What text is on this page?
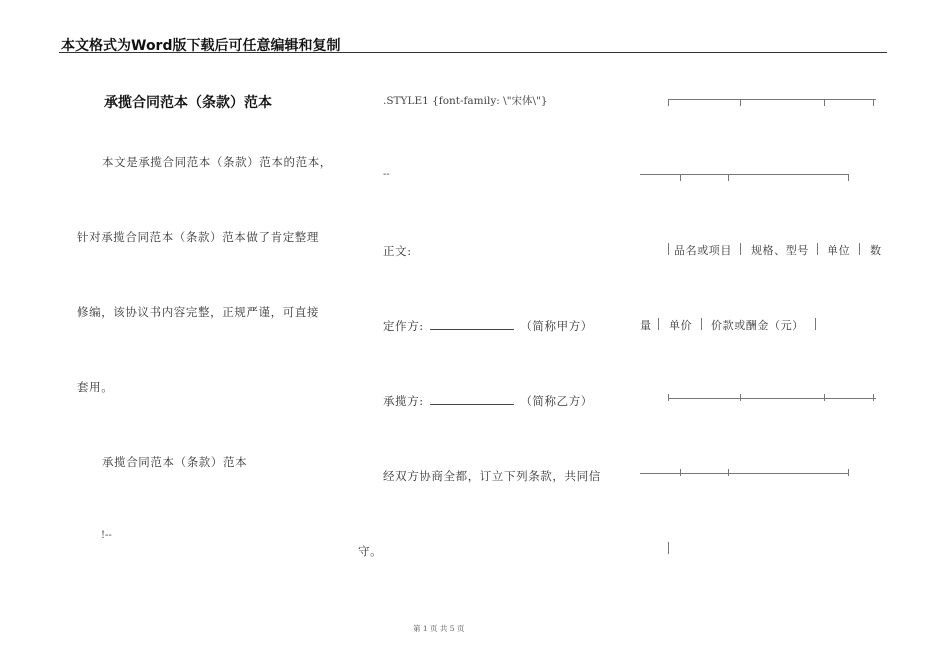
本文格式为Word版下载后可任意编辑和复制
承揽合同范本（条款）范本
本文是承揽合同范本（条款）范本的范本，
针对承揽合同范本（条款）范本做了肯定整理
修编，该协议书内容完整，正规严谨，可直接
套用。
承揽合同范本（条款）范本
!--
.STYLE1 {font-family: \"宋体\"}
--
正文:
定作方:	（简称甲方）
承揽方:	（简称乙方）
经双方协商全都，订立下列条款，共同信
守。
品名或项目 规格、型号 单位 数
量 单价 价款或酬金（元）
第 1 页 共 5 页
